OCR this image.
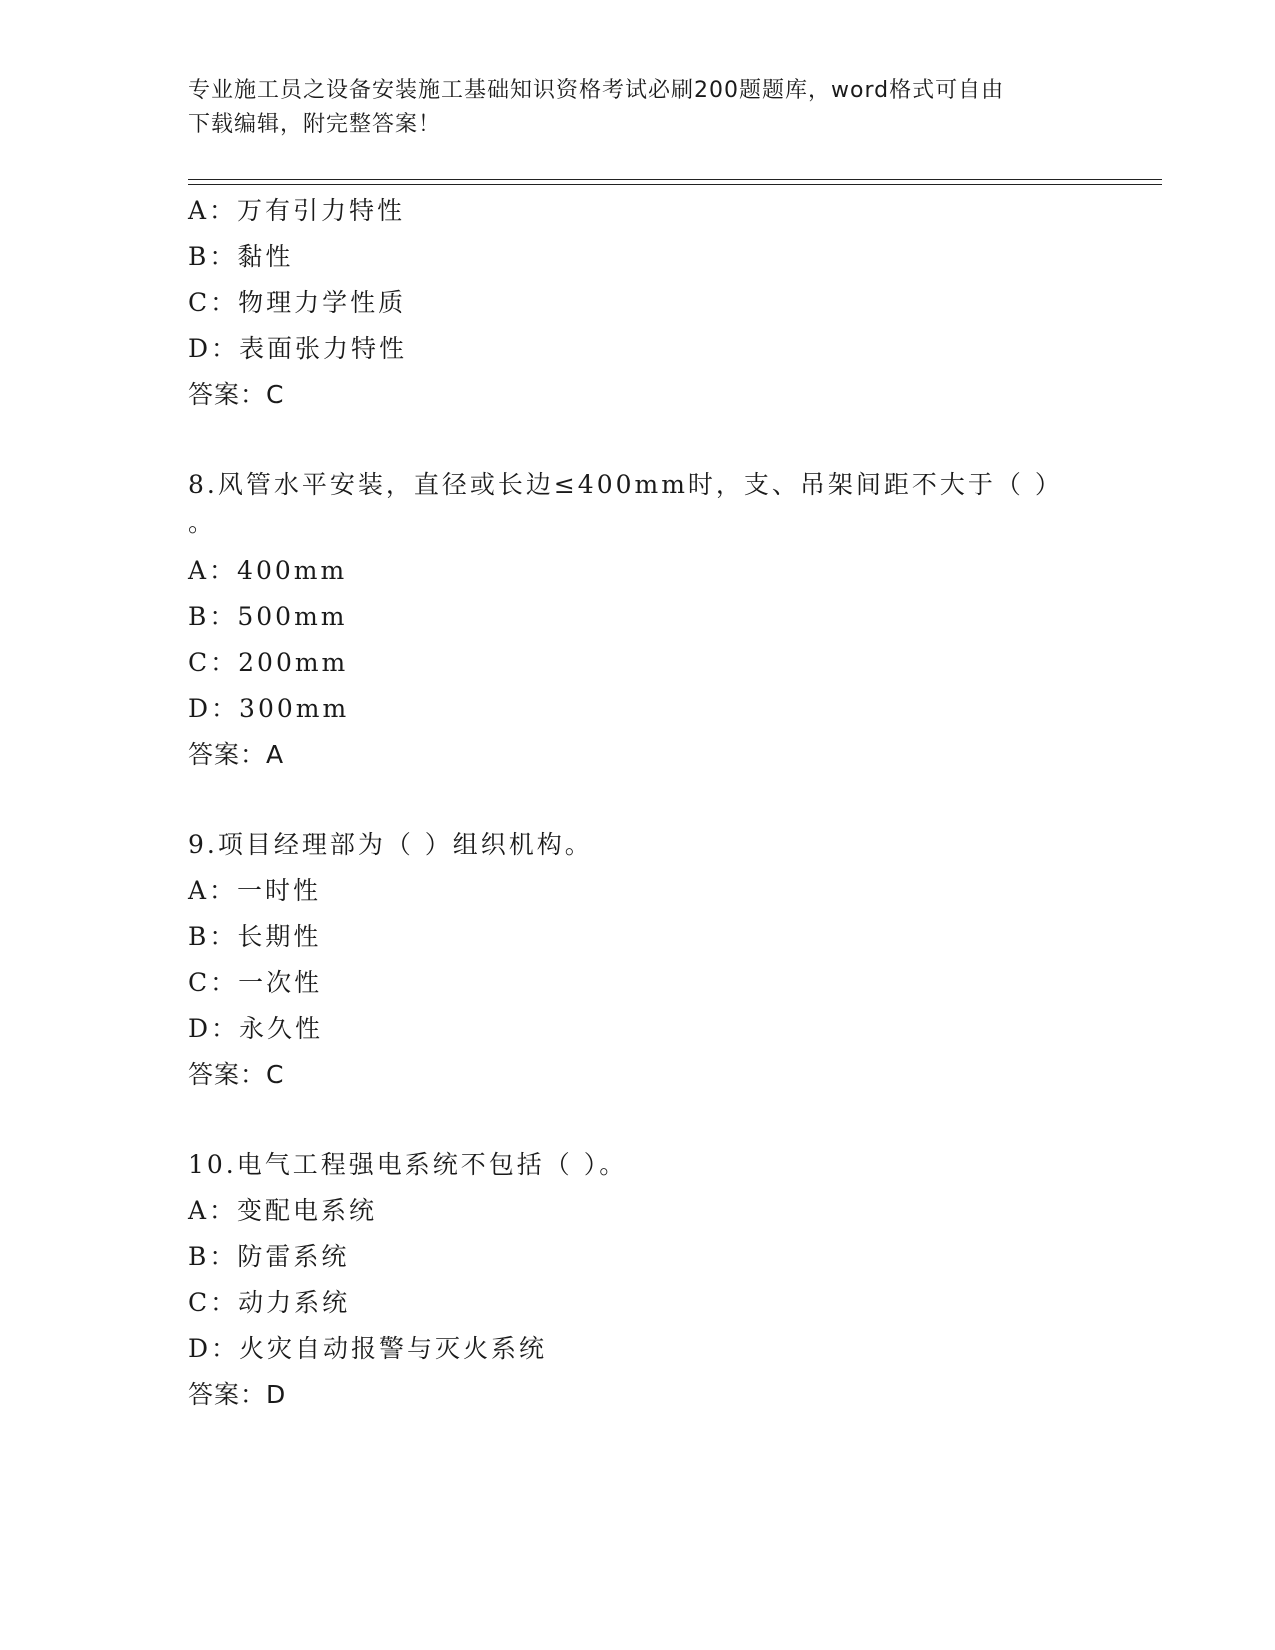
专业施工员之设备安装施工基础知识资格考试必刷200题题库，word格式可自由
下载编辑，附完整答案！
A：万有引力特性
B：黏性
C：物理力学性质
D：表面张力特性
答案：C
8.风管水平安装，直径或长边≤400mm时，支、吊架间距不大于（ ）
。
A：400mm
B：500mm
C：200mm
D：300mm
答案：A
9.项目经理部为（ ）组织机构。
A：一时性
B：长期性
C：一次性
D：永久性
答案：C
10.电气工程强电系统不包括（ ）。
A：变配电系统
B：防雷系统
C：动力系统
D：火灾自动报警与灭火系统
答案：D
